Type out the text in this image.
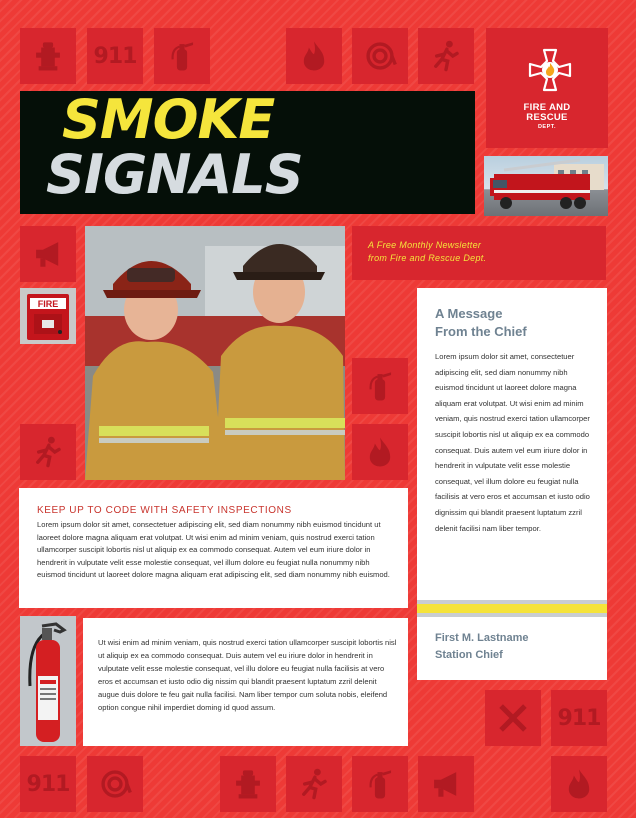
911
911
911
SMOKE
SIGNALS
FIRE AND
RESCUE
DEPT.
A Free Monthly Newsletter
from Fire and Rescue Dept.
FIRE
KEEP UP TO CODE WITH SAFETY INSPECTIONS
Lorem ipsum dolor sit amet, consectetuer adipiscing elit, sed diam nonummy nibh euismod tincidunt ut laoreet dolore magna aliquam erat volutpat. Ut wisi enim ad minim veniam, quis nostrud exerci tation ullamcorper suscipit lobortis nisl ut aliquip ex ea commodo consequat. Autem vel eum iriure dolor in hendrerit in vulputate velit esse molestie consequat, vel illum dolore eu feugiat nulla nonummy nibh euismod tincidunt ut laoreet dolore magna aliquam erat adipiscing elit, sed diam nonummy nibh euismod.
Ut wisi enim ad minim veniam, quis nostrud exerci tation ullamcorper suscipit lobortis nisl ut aliquip ex ea commodo consequat. Duis autem vel eu iriure dolor in hendrerit in vulputate velit esse molestie consequat, vel illu dolore eu feugiat nulla facilisis at vero eros et accumsan et iusto odio dig nissim qui blandit praesent luptatum zzril delenit augue duis dolore te feu gait nulla facilisi. Nam liber tempor cum soluta nobis, eleifend option congue nihil imperdiet doming id quod assum.
A Message
From the Chief
Lorem ipsum dolor sit amet, consectetuer adipiscing elit, sed diam nonummy nibh euismod tincidunt ut laoreet dolore magna aliquam erat volutpat. Ut wisi enim ad minim veniam, quis nostrud exerci tation ullamcorper suscipit lobortis nisl ut aliquip ex ea commodo consequat. Duis autem vel eum iriure dolor in hendrerit in vulputate velit esse molestie consequat, vel illum dolore eu feugiat nulla facilisis at vero eros et accumsan et iusto odio dignissim qui blandit praesent luptatum zzril delenit facilisi nam liber tempor.
First M. Lastname
Station Chief
